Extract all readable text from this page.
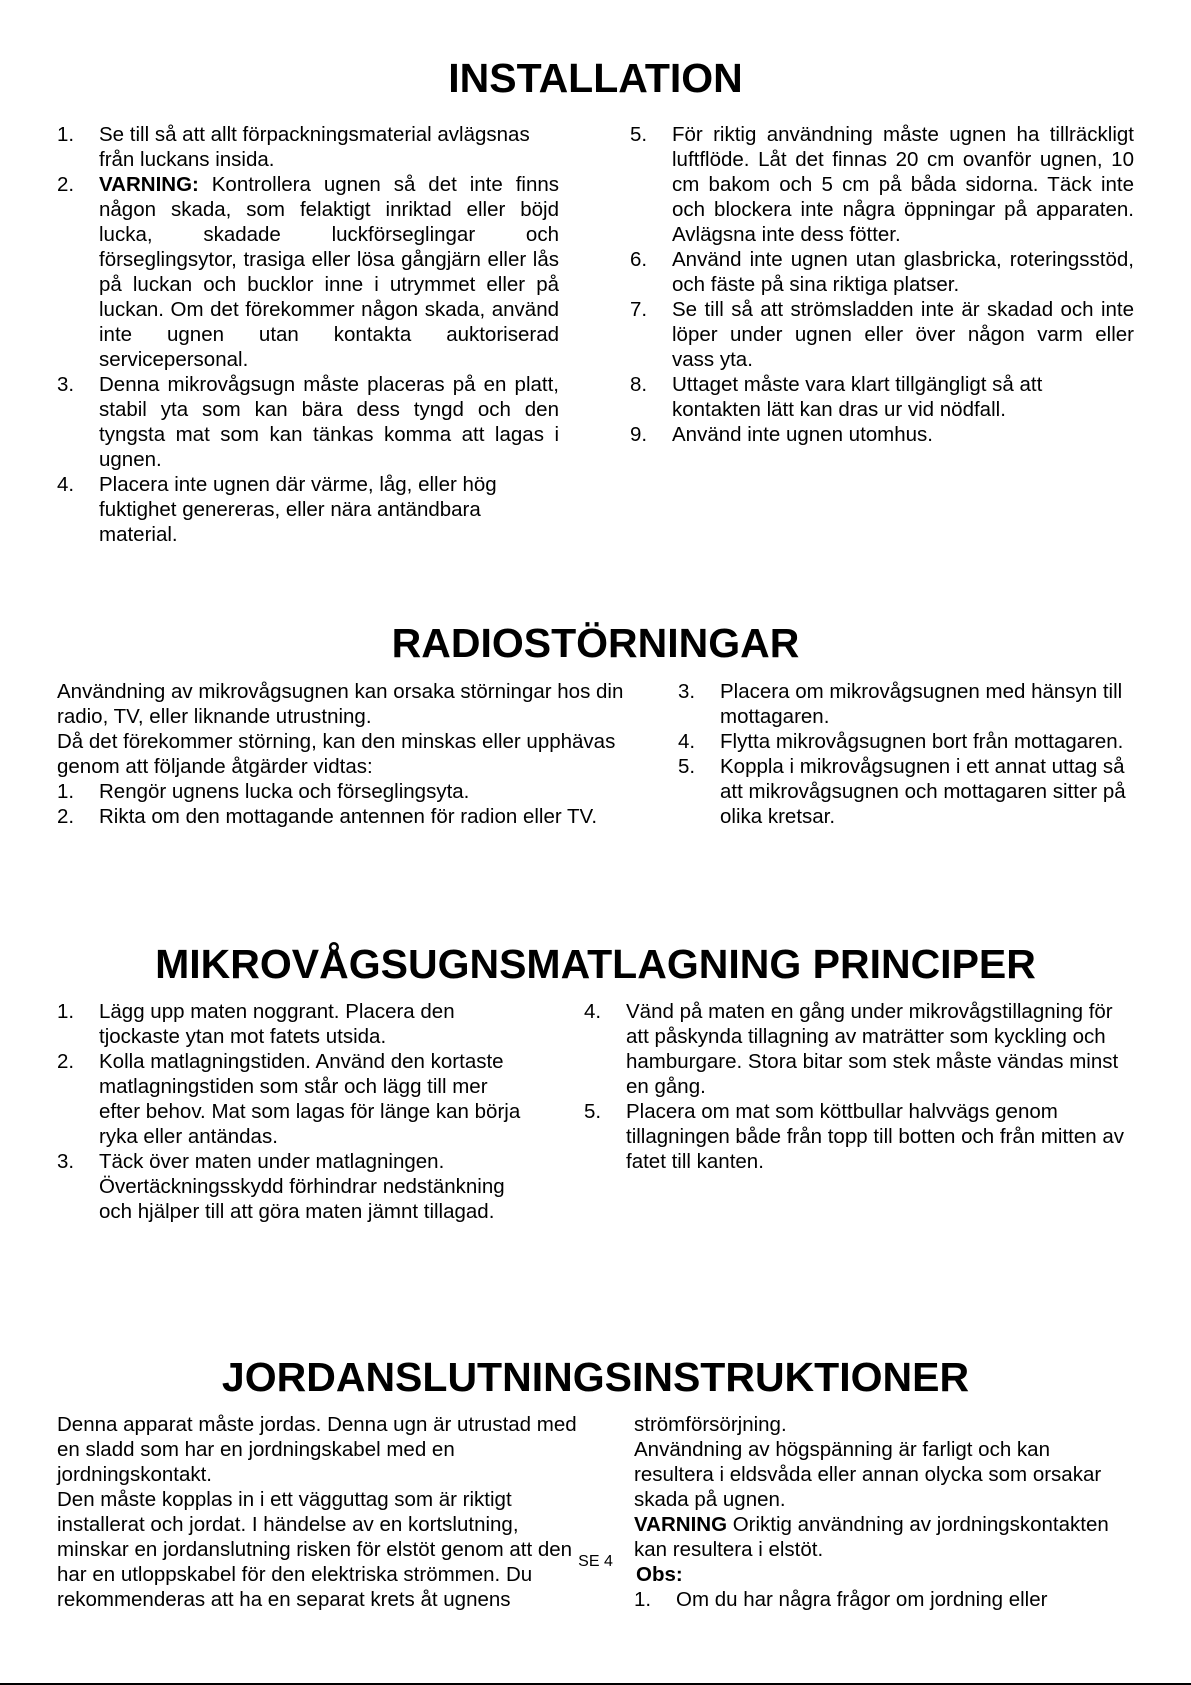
INSTALLATION
1. Se till så att allt förpackningsmaterial avlägsnas från luckans insida.
2. VARNING: Kontrollera ugnen så det inte finns någon skada, som felaktigt inriktad eller böjd lucka, skadade luckförseglingar och förseglingsytor, trasiga eller lösa gångjärn eller lås på luckan och bucklor inne i utrymmet eller på luckan. Om det förekommer någon skada, använd inte ugnen utan kontakta auktoriserad servicepersonal.
3. Denna mikrovågsugn måste placeras på en platt, stabil yta som kan bära dess tyngd och den tyngsta mat som kan tänkas komma att lagas i ugnen.
4. Placera inte ugnen där värme, låg, eller hög fuktighet genereras, eller nära antändbara material.
5. För riktig användning måste ugnen ha tillräckligt luftflöde. Låt det finnas 20 cm ovanför ugnen, 10 cm bakom och 5 cm på båda sidorna. Täck inte och blockera inte några öppningar på apparaten. Avlägsna inte dess fötter.
6. Använd inte ugnen utan glasbricka, roteringsstöd, och fäste på sina riktiga platser.
7. Se till så att strömsladden inte är skadad och inte löper under ugnen eller över någon varm eller vass yta.
8. Uttaget måste vara klart tillgängligt så att kontakten lätt kan dras ur vid nödfall.
9. Använd inte ugnen utomhus.
RADIOSTÖRNINGAR

Användning av mikrovågsugnen kan orsaka störningar hos din radio, TV, eller liknande utrustning.

Då det förekommer störning, kan den minskas eller upphävas genom att följande åtgärder vidtas:

1. Rengör ugnens lucka och förseglingsyta.
2. Rikta om den mottagande antennen för radion eller TV.
3. Placera om mikrovågsugnen med hänsyn till mottagaren.
4. Flytta mikrovågsugnen bort från mottagaren.
5. Koppla i mikrovågsugnen i ett annat uttag så att mikrovågsugnen och mottagaren sitter på olika kretsar.
MIKROVÅGSUGNSMATLAGNING PRINCIPER
1. Lägg upp maten noggrant. Placera den tjockaste ytan mot fatets utsida.
2. Kolla matlagningstiden. Använd den kortaste matlagningstiden som står och lägg till mer efter behov. Mat som lagas för länge kan börja ryka eller antändas.
3. Täck över maten under matlagningen. Övertäckningsskydd förhindrar nedstänkning och hjälper till att göra maten jämnt tillagad.
4. Vänd på maten en gång under mikrovågstillagning för att påskynda tillagning av maträtter som kyckling och hamburgare. Stora bitar som stek måste vändas minst en gång.
5. Placera om mat som köttbullar halvvägs genom tillagningen både från topp till botten och från mitten av fatet till kanten.
JORDANSLUTNINGSINSTRUKTIONER

Denna apparat måste jordas. Denna ugn är utrustad med en sladd som har en jordningskabel med en jordningskontakt.

Den måste kopplas in i ett vägguttag som är riktigt installerat och jordat. I händelse av en kortslutning, minskar en jordanslutning risken för elstöt genom att den har en utloppskabel för den elektriska strömmen. Du rekommenderas att ha en separat krets åt ugnens

strömförsörjning.

Användning av högspänning är farligt och kan resultera i eldsvåda eller annan olycka som orsakar skada på ugnen.

VARNING Oriktig användning av jordningskontakten kan resultera i elstöt.

Obs:

1. Om du har några frågor om jordning eller
SE 4
